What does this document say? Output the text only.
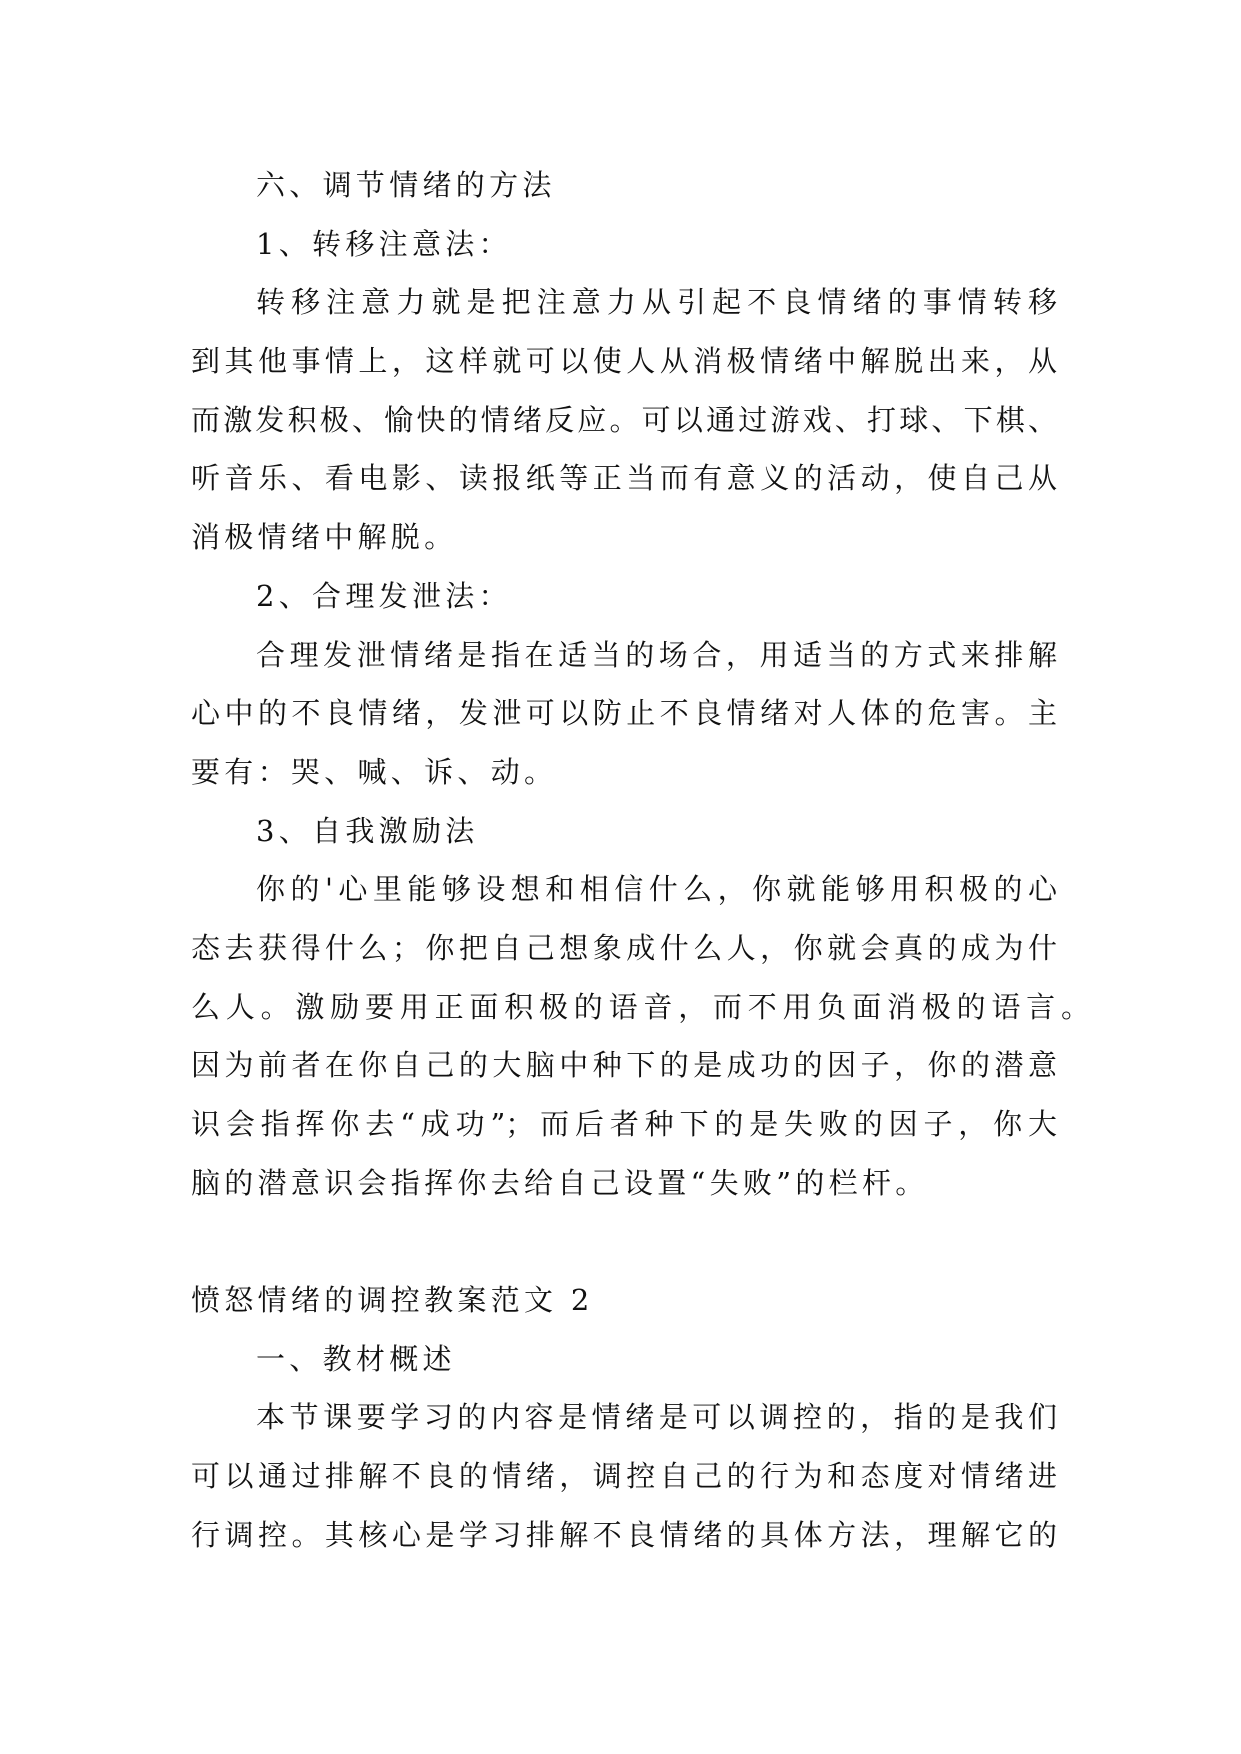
六、调节情绪的方法
1、转移注意法：
转移注意力就是把注意力从引起不良情绪的事情转移
到其他事情上，这样就可以使人从消极情绪中解脱出来，从
而激发积极、愉快的情绪反应。可以通过游戏、打球、下棋、
听音乐、看电影、读报纸等正当而有意义的活动，使自己从
消极情绪中解脱。
2、合理发泄法：
合理发泄情绪是指在适当的场合，用适当的方式来排解
心中的不良情绪，发泄可以防止不良情绪对人体的危害。主
要有：哭、喊、诉、动。
3、自我激励法
你的'心里能够设想和相信什么，你就能够用积极的心
态去获得什么；你把自己想象成什么人，你就会真的成为什
么人。激励要用正面积极的语音，而不用负面消极的语言。
因为前者在你自己的大脑中种下的是成功的因子，你的潜意
识会指挥你去“成功”；而后者种下的是失败的因子，你大
脑的潜意识会指挥你去给自己设置“失败”的栏杆。
愤怒情绪的调控教案范文 2
一、教材概述
本节课要学习的内容是情绪是可以调控的，指的是我们
可以通过排解不良的情绪，调控自己的行为和态度对情绪进
行调控。其核心是学习排解不良情绪的具体方法，理解它的
